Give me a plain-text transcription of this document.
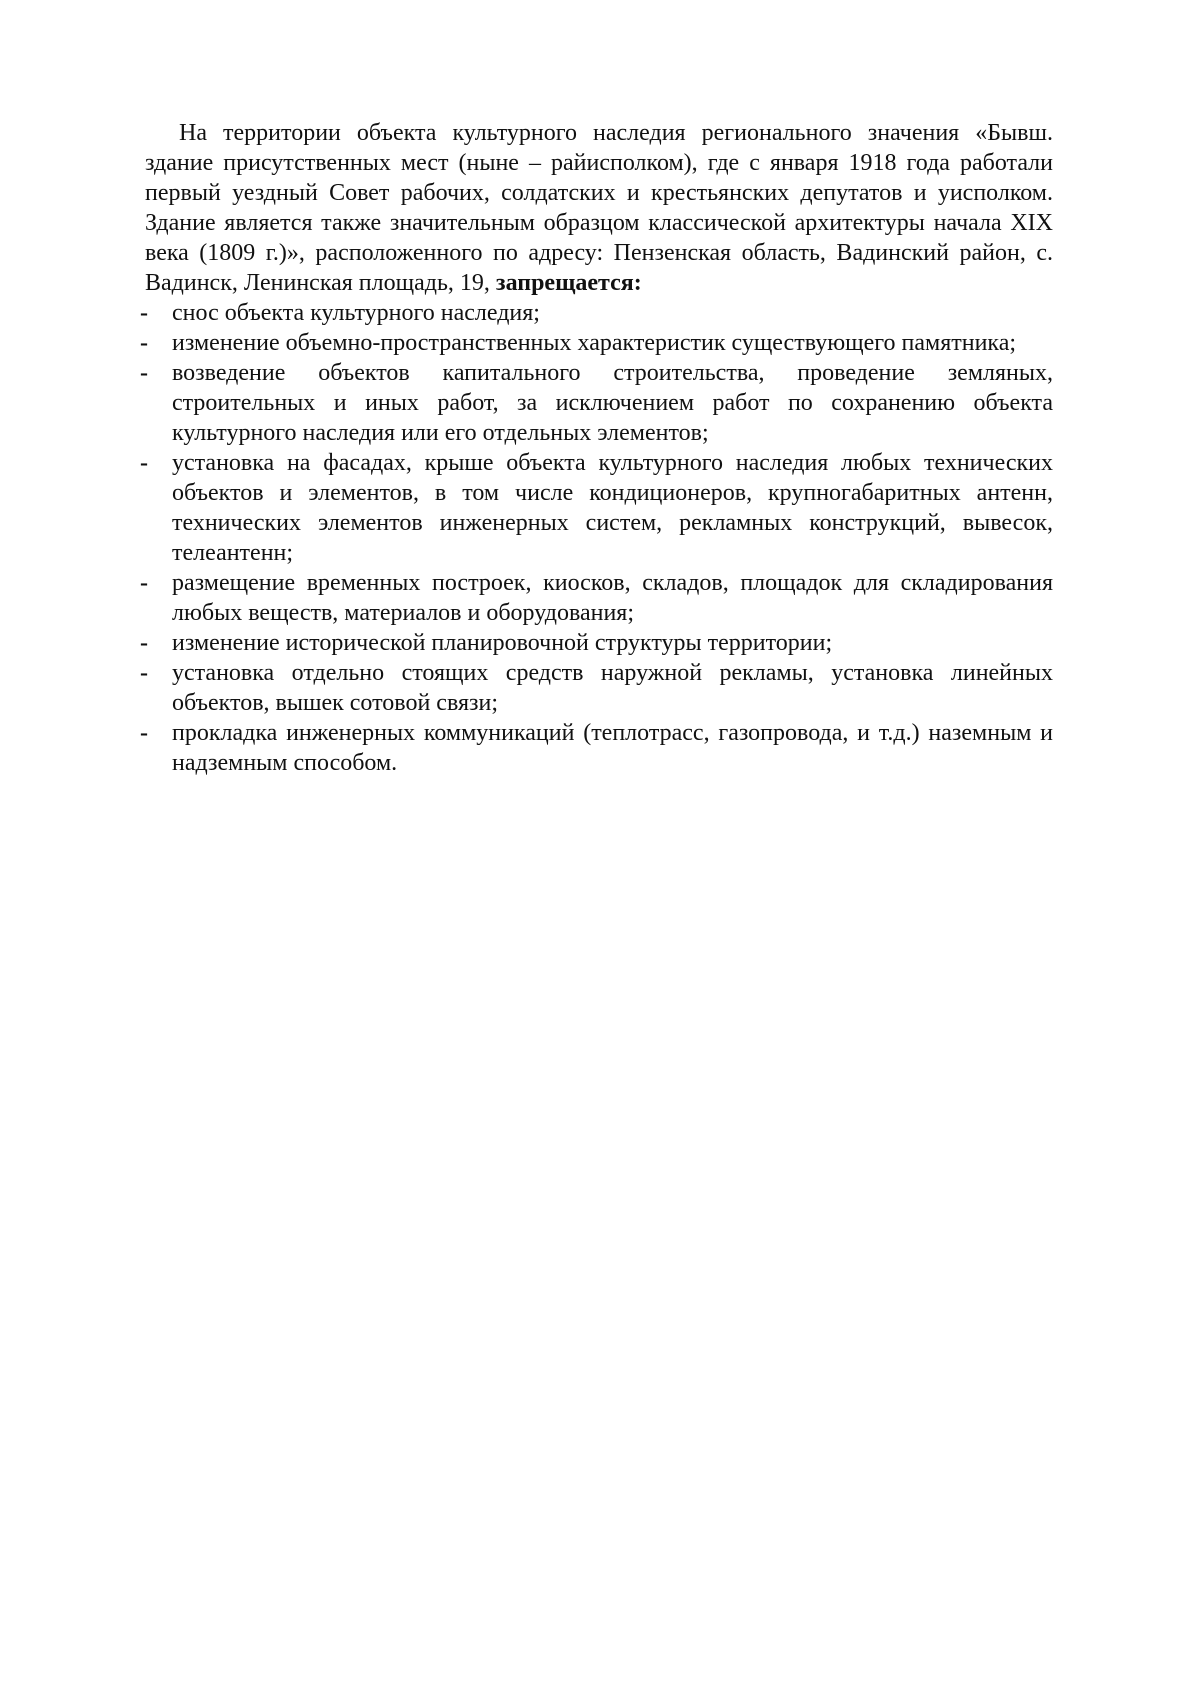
На территории объекта культурного наследия регионального значения «Бывш. здание присутственных мест (ныне – райисполком), где с января 1918 года работали первый уездный Совет рабочих, солдатских и крестьянских депутатов и уисполком. Здание является также значительным образцом классической архитектуры начала XIX века (1809 г.)», расположенного по адресу: Пензенская область, Вадинский район, с. Вадинск, Ленинская площадь, 19, запрещается:

- снос объекта культурного наследия;
- изменение объемно-пространственных характеристик существующего памятника;
- возведение объектов капитального строительства, проведение земляных, строительных и иных работ, за исключением работ по сохранению объекта культурного наследия или его отдельных элементов;
- установка на фасадах, крыше объекта культурного наследия любых технических объектов и элементов, в том числе кондиционеров, крупногабаритных антенн, технических элементов инженерных систем, рекламных конструкций, вывесок, телеантенн;
- размещение временных построек, киосков, складов, площадок для складирования любых веществ, материалов и оборудования;
- изменение исторической планировочной структуры территории;
- установка отдельно стоящих средств наружной рекламы, установка линейных объектов, вышек сотовой связи;
- прокладка инженерных коммуникаций (теплотрасс, газопровода, и т.д.) наземным и надземным способом.
